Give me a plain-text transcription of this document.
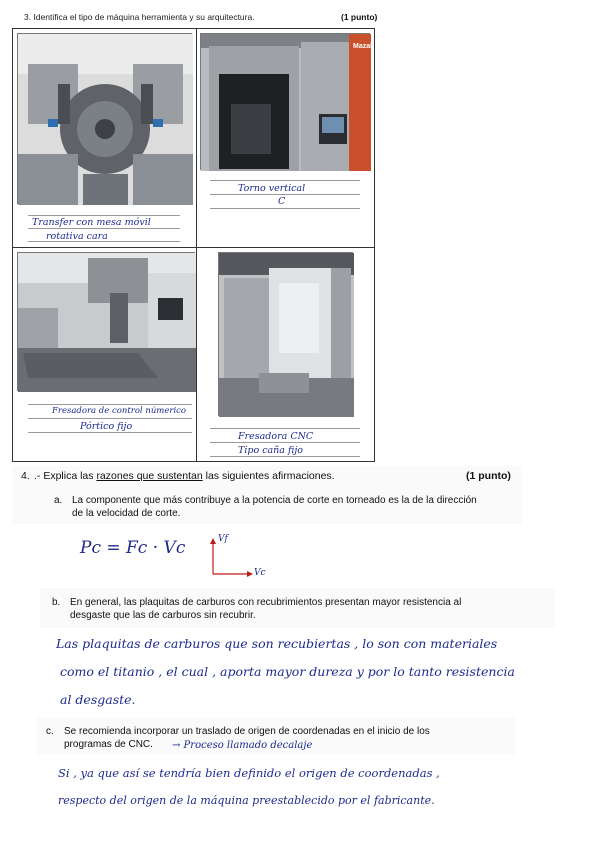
3. Identifica el tipo de máquina herramienta y su arquitectura.	(1 punto)
Transfer con mesa móvil
rotativa cara
Mazak
Torno vertical
C
Fresadora de control númerico
Pórtico fijo
Fresadora CNC
Tipo caña fijo
4. .- Explica las razones que sustentan las siguientes afirmaciones.	(1 punto)
a. La componente que más contribuye a la potencia de corte en torneado es la de la dirección
de la velocidad de corte.
Pc = Fc · Vc	Vf
Vc
b. En general, las plaquitas de carburos con recubrimientos presentan mayor resistencia al
desgaste que las de carburos sin recubrir.
Las plaquitas de carburos que son recubiertas , lo son con materiales
como el titanio , el cual , aporta mayor dureza y por lo tanto resistencia
al desgaste.
c. Se recomienda incorporar un traslado de origen de coordenadas en el inicio de los
programas de CNC.	→ Proceso llamado decalaje
Si , ya que así se tendría bien definido el origen de coordenadas ,
respecto del origen de la máquina preestablecido por el fabricante.
